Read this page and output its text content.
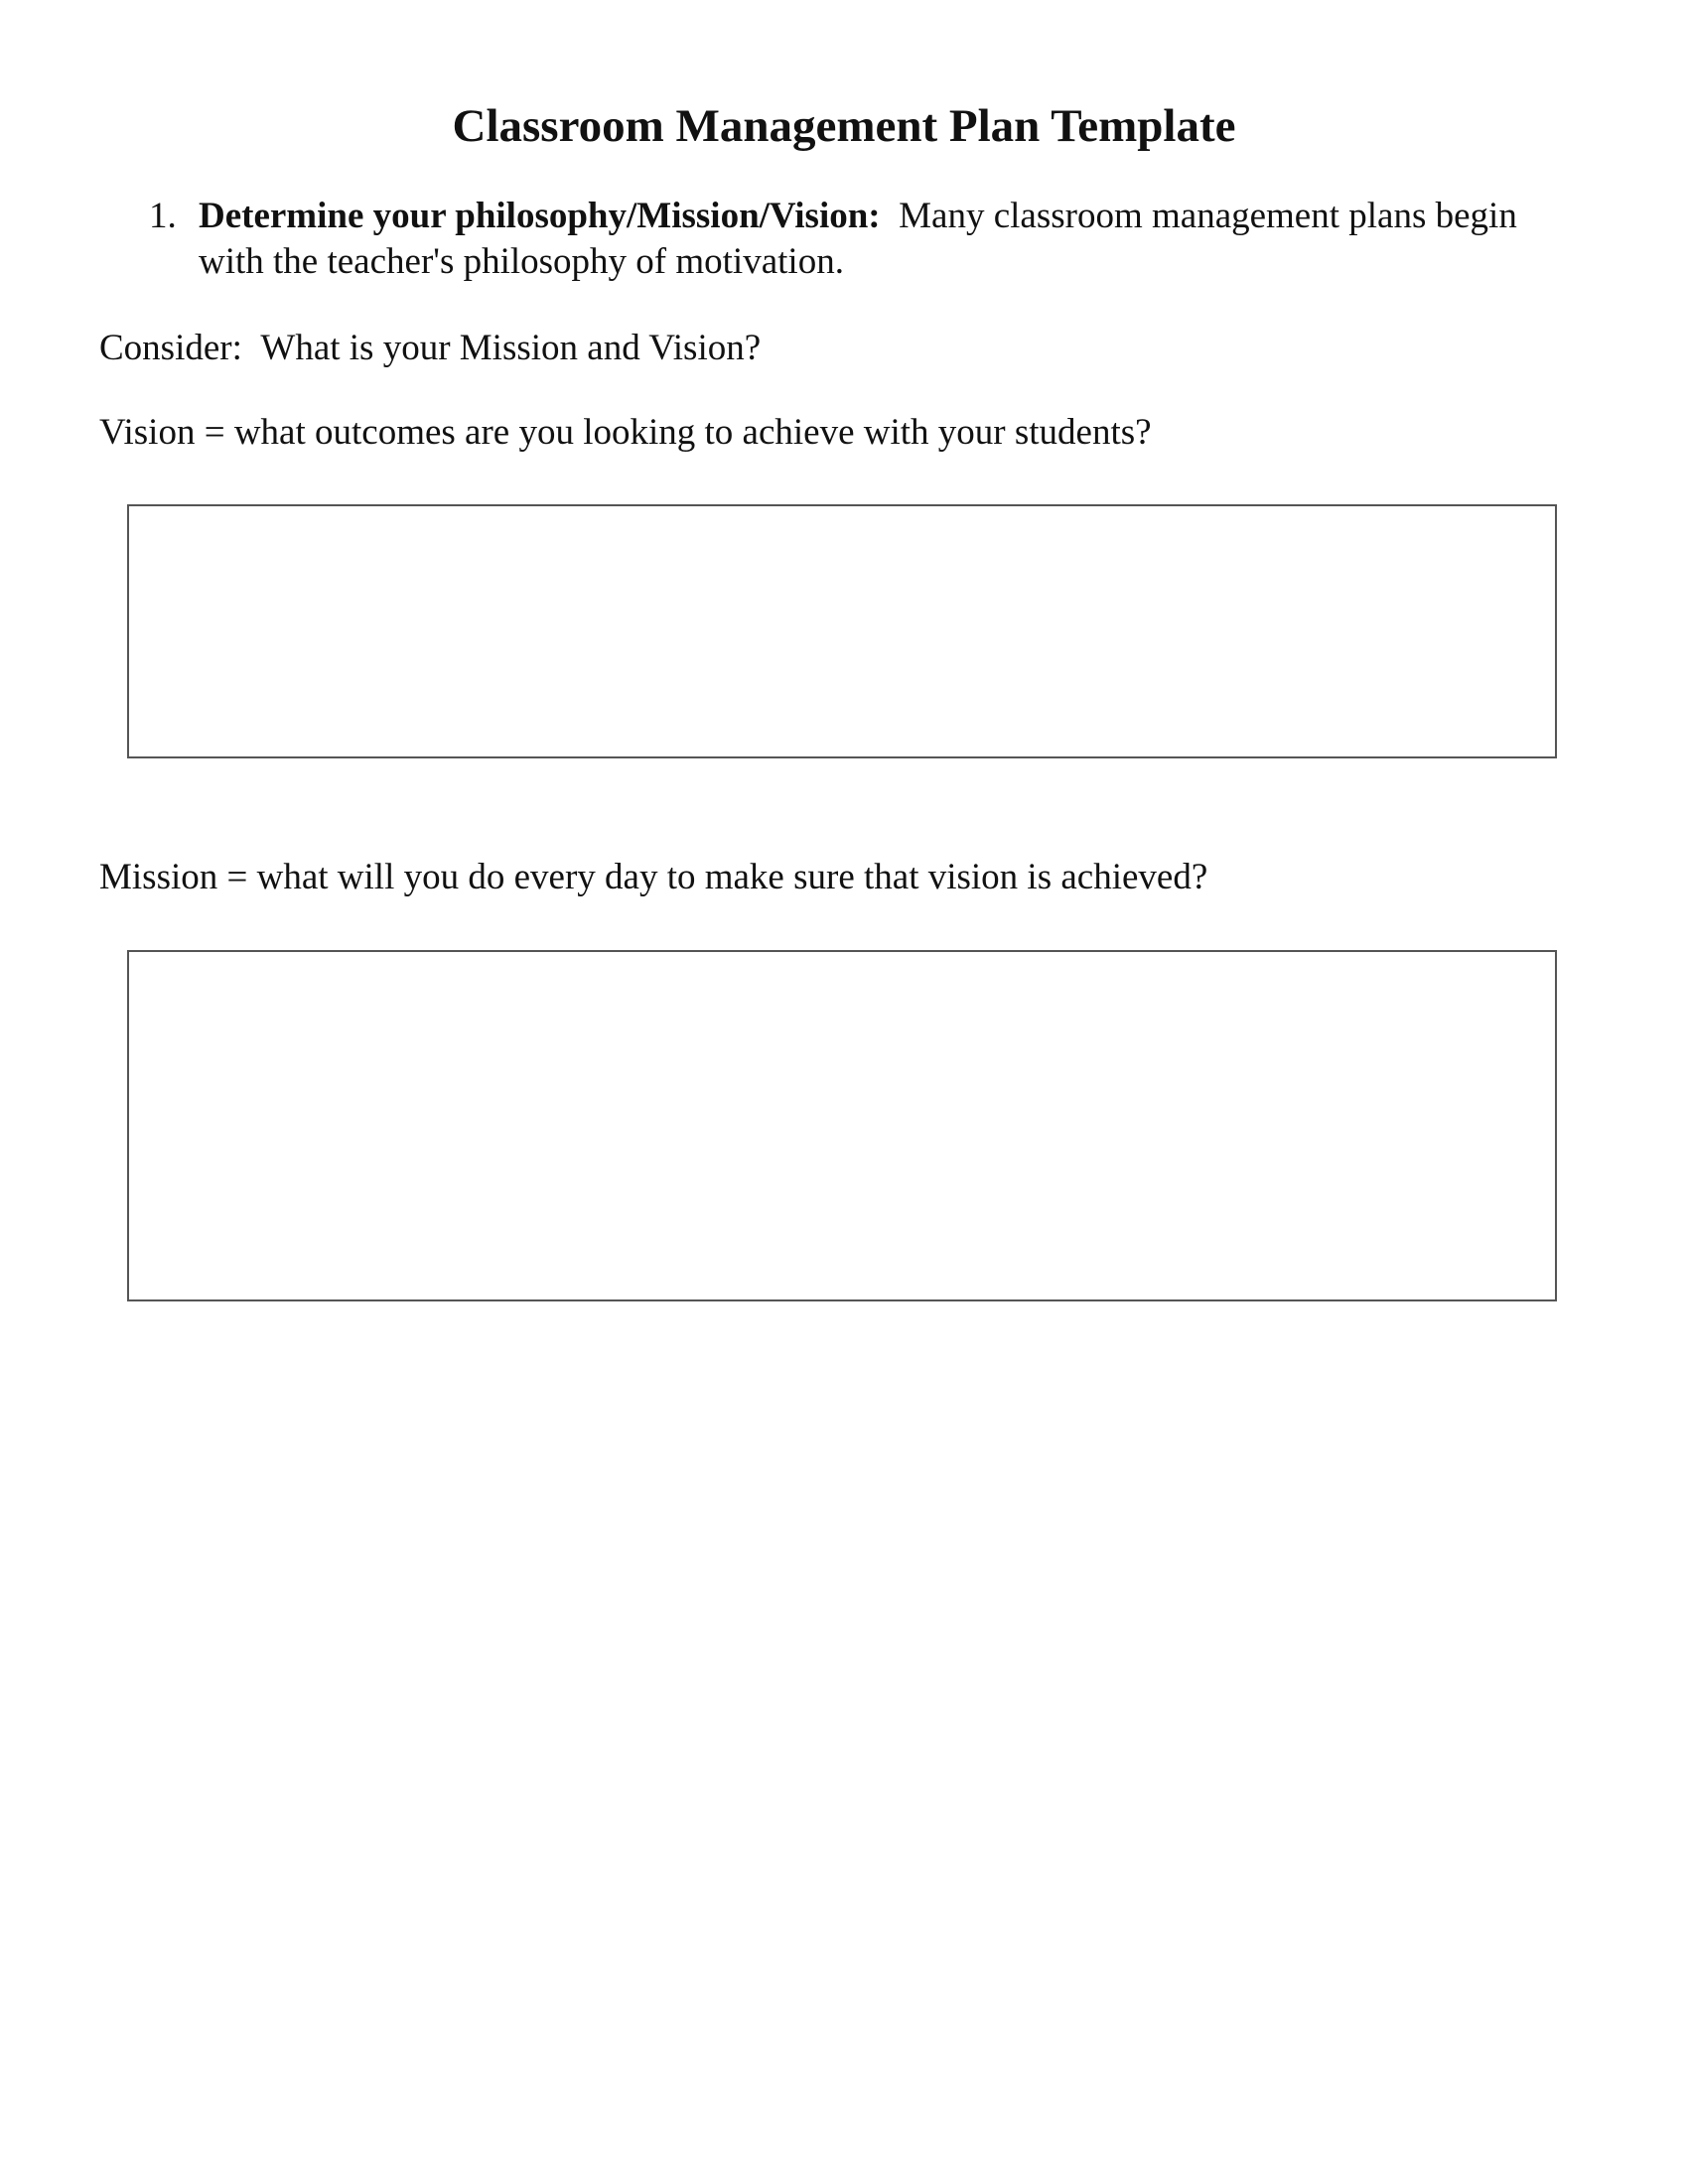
Classroom Management Plan Template
1. Determine your philosophy/Mission/Vision: Many classroom management plans begin with the teacher's philosophy of motivation.

Consider: What is your Mission and Vision?

Vision = what outcomes are you looking to achieve with your students?

Mission = what will you do every day to make sure that vision is achieved?
